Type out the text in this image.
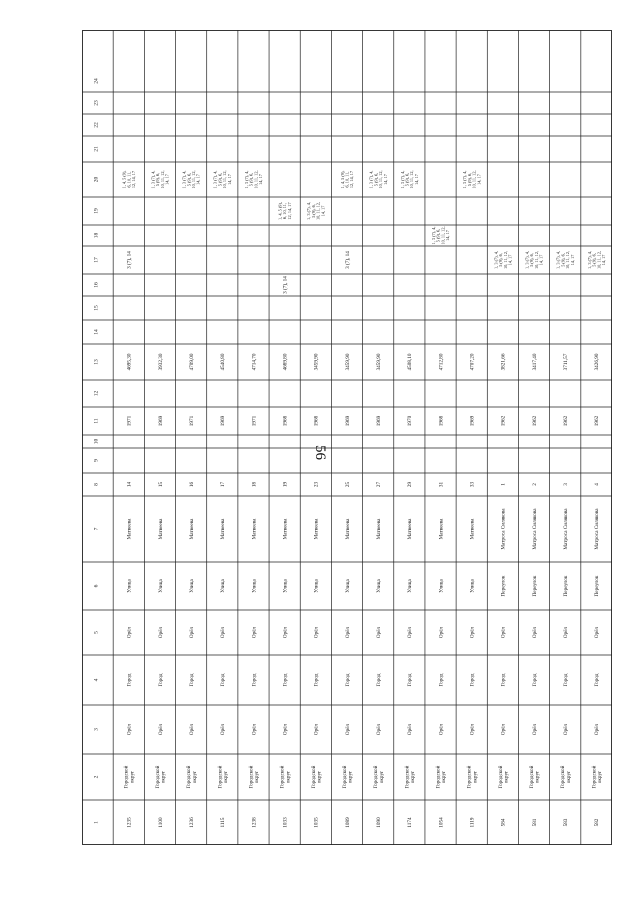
56
1
2
3
4
5
6
7
8
9
10
11
12
13
14
15
16
17
18
19
20
21
22
23
24
1235
Городской округ
Орёл
Город
Орёл
Улица
Матвеева
14
1971
4695,30
3 (7), 14
1, 4, 5 (9), 6, 10, 11, 12, 14, 17
1100
Городской округ
Орёл
Город
Орёл
Улица
Матвеева
15
1969
3932,30
1, 3 (7), 4, 5 (9), 6, 10, 11, 12, 14, 17
1236
Городской округ
Орёл
Город
Орёл
Улица
Матвеева
16
1971
4709,00
1, 3 (7), 4, 5 (9), 6, 10, 11, 12, 14, 17
1115
Городской округ
Орёл
Город
Орёл
Улица
Матвеева
17
1969
4540,80
1, 3 (7), 4, 5 (9), 6, 10, 11, 12, 14, 17
1238
Городской округ
Орёл
Город
Орёл
Улица
Матвеева
18
1971
4714,70
1, 3 (7), 4, 5 (9), 6, 10, 11, 12, 14, 17
1033
Городской округ
Орёл
Город
Орёл
Улица
Матвеева
19
1968
4689,80
3 (7), 14
1, 4, 5 (9), 6, 10, 11, 12, 14, 17
1035
Городской округ
Орёл
Город
Орёл
Улица
Матвеева
23
1968
3459,90
1, 3 (7), 4, 5 (9), 6, 10, 11, 12, 14, 17
1089
Городской округ
Орёл
Город
Орёл
Улица
Матвеева
25
1969
3459,90
3 (7), 14
1, 4, 5 (9), 6, 10, 11, 12, 14, 17
1090
Городской округ
Орёл
Город
Орёл
Улица
Матвеева
27
1969
3459,90
1, 3 (7), 4, 5 (9), 6, 10, 11, 12, 14, 17
1174
Городской округ
Орёл
Город
Орёл
Улица
Матвеева
29
1970
4508,10
1, 3 (7), 4, 5 (9), 6, 10, 11, 12, 14, 17
1054
Городской округ
Орёл
Город
Орёл
Улица
Матвеева
31
1968
4712,80
1, 3 (7), 4, 5 (9), 6, 10, 11, 12, 14, 17
1119
Городской округ
Орёл
Город
Орёл
Улица
Матвеева
33
1969
4707,20
1, 3 (7), 4, 5 (9), 6, 10, 11, 12, 14, 17
584
Городской округ
Орёл
Город
Орёл
Переулок
Матроса Силякова
1
1962
3821,66
1, 3 (7), 4, 5 (9), 6, 10, 11, 12, 14, 17
581
Городской округ
Орёл
Город
Орёл
Переулок
Матроса Силякова
2
1962
3417,40
1, 3 (7), 4, 5 (9), 6, 10, 11, 12, 14, 17
583
Городской округ
Орёл
Город
Орёл
Переулок
Матроса Силякова
3
1962
3711,57
1, 3 (7), 4, 5 (9), 6, 10, 11, 12, 14, 17
582
Городской округ
Орёл
Город
Орёл
Переулок
Матроса Силякова
4
1962
3426,90
1, 3 (7), 4, 5 (9), 6, 10, 11, 12, 14, 17
